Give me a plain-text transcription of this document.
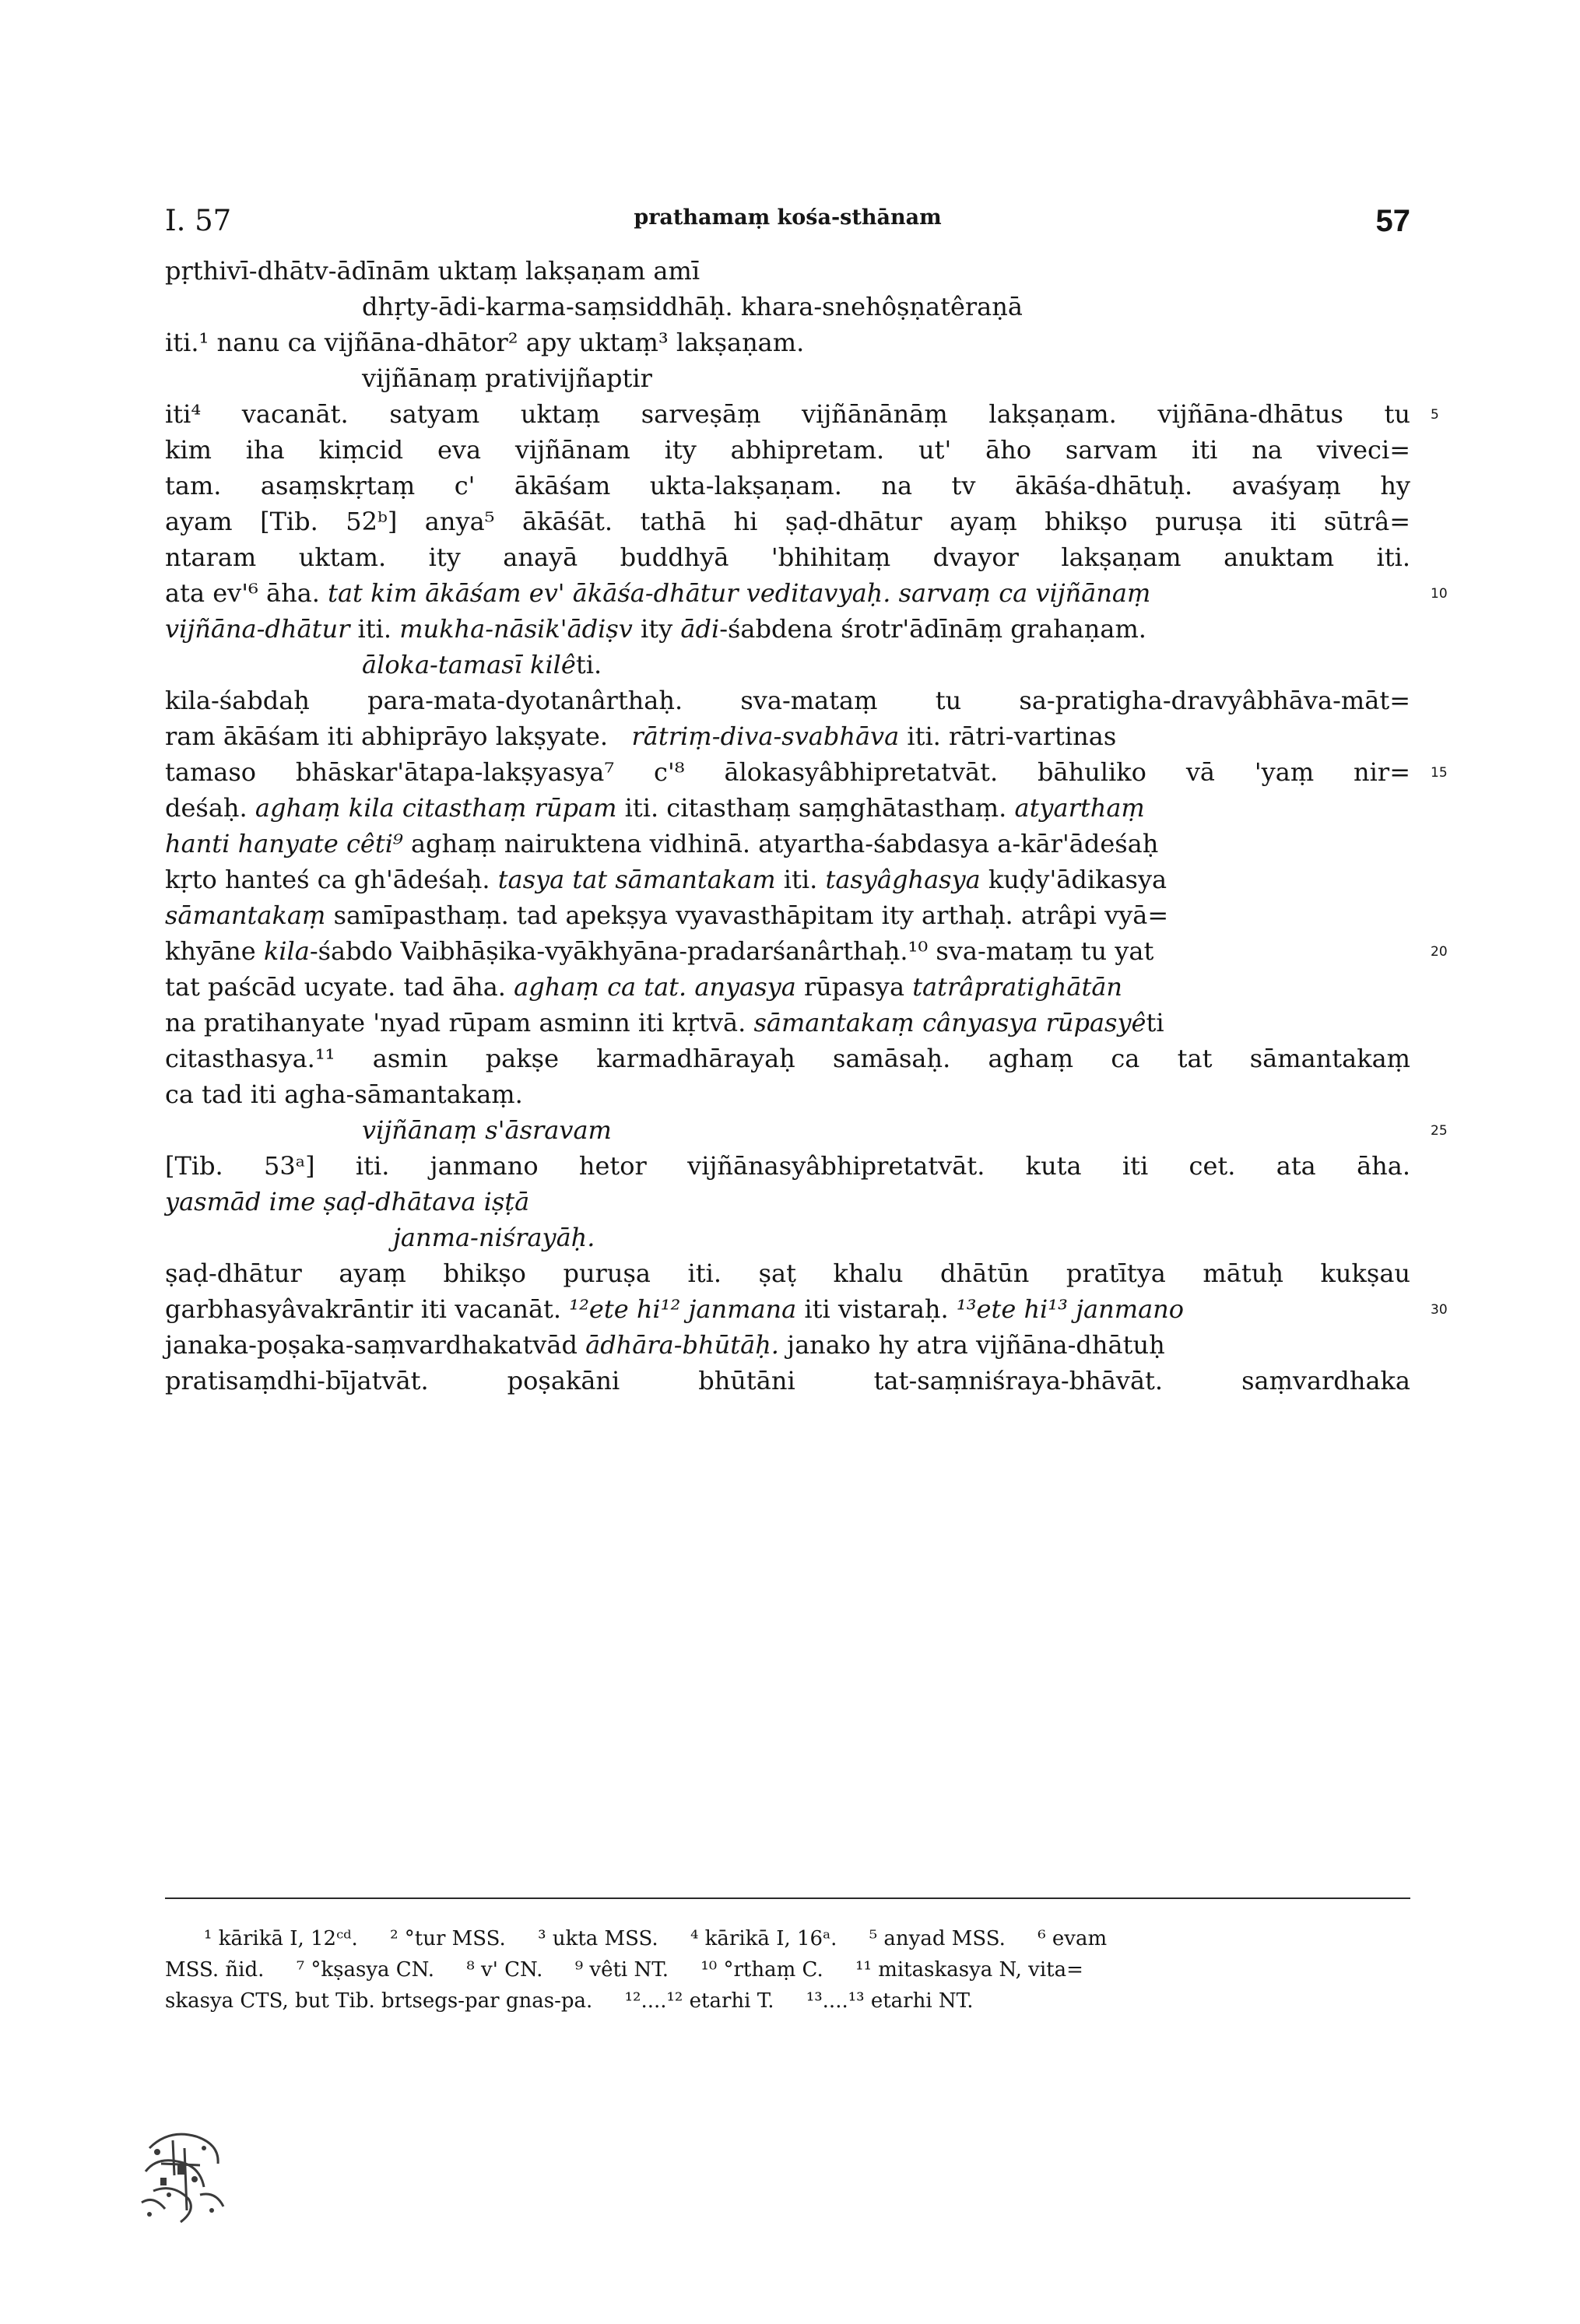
I. 57	prathamaṃ kośa-sthānam	57
pṛthivī-dhātv-ādīnām uktaṃ lakṣaṇam amī
dhṛty-ādi-karma-saṃsiddhāḥ. khara-snehôṣṇatêraṇā
iti.¹ nanu ca vijñāna-dhātor² apy uktaṃ³ lakṣaṇam.
vijñānaṃ prativijñaptir
iti⁴ vacanāt. satyam uktaṃ sarveṣāṃ vijñānānāṃ lakṣaṇam. vijñāna-dhātus tu 5
kim iha kiṃcid eva vijñānam ity abhipretam. ut' āho sarvam iti na viveci=
tam. asaṃskṛtaṃ c' ākāśam ukta-lakṣaṇam. na tv ākāśa-dhātuḥ. avaśyaṃ hy
ayam [Tib. 52ᵇ] anya⁵ ākāśāt. tathā hi ṣaḍ-dhātur ayaṃ bhikṣo puruṣa iti sūtrâ=
ntaram uktam. ity anayā buddhyā 'bhihitaṃ dvayor lakṣaṇam anuktam iti.
ata ev'⁶ āha. tat kim ākāśam ev' ākāśa-dhātur veditavyaḥ. sarvaṃ ca vijñānaṃ	10
vijñāna-dhātur iti. mukha-nāsik'ādiṣv ity ādi-śabdena śrotr'ādīnāṃ grahaṇam.
āloka-tamasī kilêti.
kila-śabdaḥ para-mata-dyotanârthaḥ. sva-mataṃ tu sa-pratigha-dravyâbhāva-māt=
ram ākāśam iti abhiprāyo lakṣyate. rātriṃ-diva-svabhāva iti. rātri-vartinas
tamaso bhāskar'ātapa-lakṣyasya⁷ c'⁸ ālokasyâbhipretatvāt. bāhuliko vā 'yaṃ nir= 15
deśaḥ. aghaṃ kila citasthaṃ rūpam iti. citasthaṃ saṃghātasthaṃ. atyarthaṃ
hanti hanyate cêti⁹ aghaṃ nairuktena vidhinā. atyartha-śabdasya a-kār'ādeśaḥ
kṛto hanteś ca gh'ādeśaḥ. tasya tat sāmantakam iti. tasyâghasya kuḍy'ādikasya
sāmantakaṃ samīpasthaṃ. tad apekṣya vyavasthāpitam ity arthaḥ. atrâpi vyā=
khyāne kila-śabdo Vaibhāṣika-vyākhyāna-pradarśanârthaḥ.¹⁰ sva-mataṃ tu yat	20
tat paścād ucyate. tad āha. aghaṃ ca tat. anyasya rūpasya tatrâpratighātān
na pratihanyate 'nyad rūpam asminn iti kṛtvā. sāmantakaṃ cânyasya rūpasyêti
citasthasya.¹¹ asmin pakṣe karmadhārayaḥ samāsaḥ. aghaṃ ca tat sāmantakaṃ
ca tad iti agha-sāmantakaṃ.
vijñānaṃ s'āsravam	25
[Tib. 53ᵃ] iti. janmano hetor vijñānasyâbhipretatvāt. kuta iti cet. ata āha.
yasmād ime ṣaḍ-dhātava iṣṭā
janma-niśrayāḥ.
ṣaḍ-dhātur ayaṃ bhikṣo puruṣa iti. ṣaṭ khalu dhātūn pratītya mātuḥ kukṣau
garbhasyâvakrāntir iti vacanāt. ¹²ete hi¹² janmana iti vistaraḥ. ¹³ete hi¹³ janmano	30
janaka-poṣaka-saṃvardhakatvād ādhāra-bhūtāḥ. janako hy atra vijñāna-dhātuḥ
pratisaṃdhi-bījatvāt. poṣakāni bhūtāni tat-saṃniśraya-bhāvāt. saṃvardhaka
¹ kārikā I, 12ᶜᵈ. ² °tur MSS. ³ ukta MSS. ⁴ kārikā I, 16ᵃ. ⁵ anyad MSS. ⁶ evam
MSS. ñid. ⁷ °kṣasya CN. ⁸ v' CN. ⁹ vêti NT. ¹⁰ °rthaṃ C. ¹¹ mitaskasya N, vita=
skasya CTS, but Tib. brtsegs-par gnas-pa. ¹²....¹² etarhi T. ¹³....¹³ etarhi NT.
